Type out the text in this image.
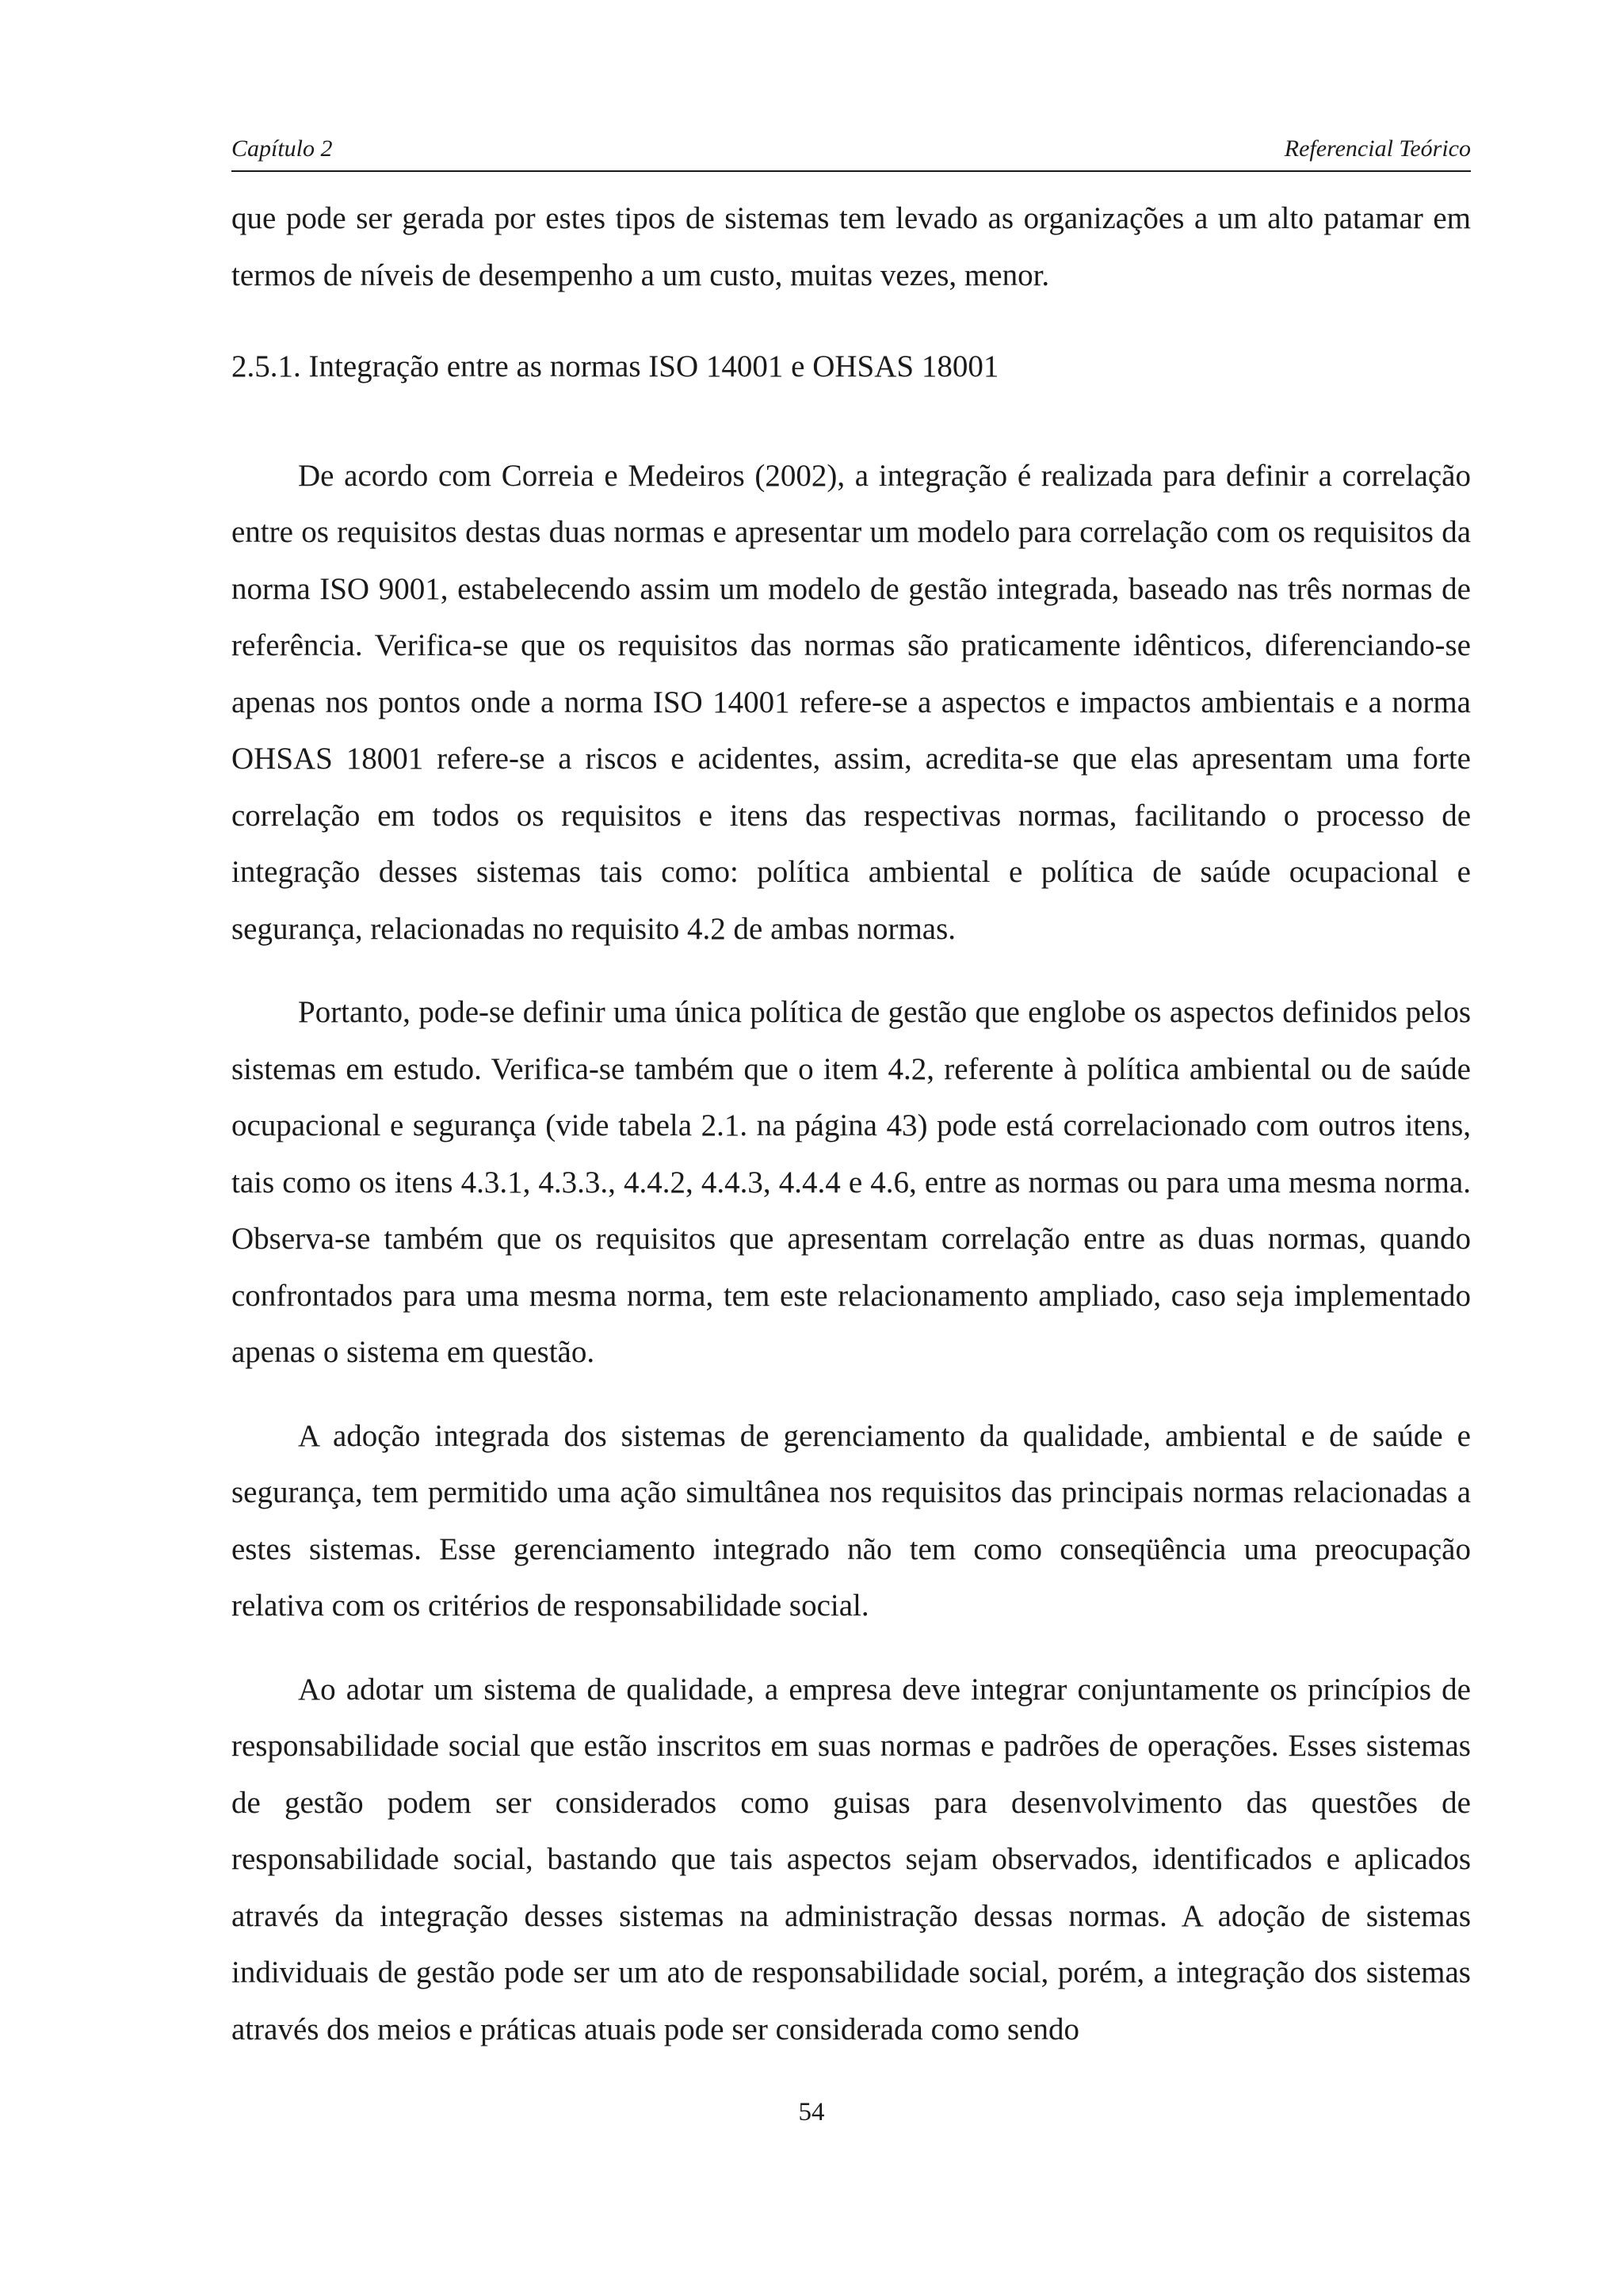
Capítulo 2	Referencial Teórico

que pode ser gerada por estes tipos de sistemas tem levado as organizações a um alto patamar em termos de níveis de desempenho a um custo, muitas vezes, menor.

2.5.1. Integração entre as normas ISO 14001 e OHSAS 18001

De acordo com Correia e Medeiros (2002), a integração é realizada para definir a correlação entre os requisitos destas duas normas e apresentar um modelo para correlação com os requisitos da norma ISO 9001, estabelecendo assim um modelo de gestão integrada, baseado nas três normas de referência. Verifica-se que os requisitos das normas são praticamente idênticos, diferenciando-se apenas nos pontos onde a norma ISO 14001 refere-se a aspectos e impactos ambientais e a norma OHSAS 18001 refere-se a riscos e acidentes, assim, acredita-se que elas apresentam uma forte correlação em todos os requisitos e itens das respectivas normas, facilitando o processo de integração desses sistemas tais como: política ambiental e política de saúde ocupacional e segurança, relacionadas no requisito 4.2 de ambas normas.

Portanto, pode-se definir uma única política de gestão que englobe os aspectos definidos pelos sistemas em estudo. Verifica-se também que o item 4.2, referente à política ambiental ou de saúde ocupacional e segurança (vide tabela 2.1. na página 43) pode está correlacionado com outros itens, tais como os itens 4.3.1, 4.3.3., 4.4.2, 4.4.3, 4.4.4 e 4.6, entre as normas ou para uma mesma norma. Observa-se também que os requisitos que apresentam correlação entre as duas normas, quando confrontados para uma mesma norma, tem este relacionamento ampliado, caso seja implementado apenas o sistema em questão.

A adoção integrada dos sistemas de gerenciamento da qualidade, ambiental e de saúde e segurança, tem permitido uma ação simultânea nos requisitos das principais normas relacionadas a estes sistemas. Esse gerenciamento integrado não tem como conseqüência uma preocupação relativa com os critérios de responsabilidade social.

Ao adotar um sistema de qualidade, a empresa deve integrar conjuntamente os princípios de responsabilidade social que estão inscritos em suas normas e padrões de operações. Esses sistemas de gestão podem ser considerados como guisas para desenvolvimento das questões de responsabilidade social, bastando que tais aspectos sejam observados, identificados e aplicados através da integração desses sistemas na administração dessas normas. A adoção de sistemas individuais de gestão pode ser um ato de responsabilidade social, porém, a integração dos sistemas através dos meios e práticas atuais pode ser considerada como sendo

54
